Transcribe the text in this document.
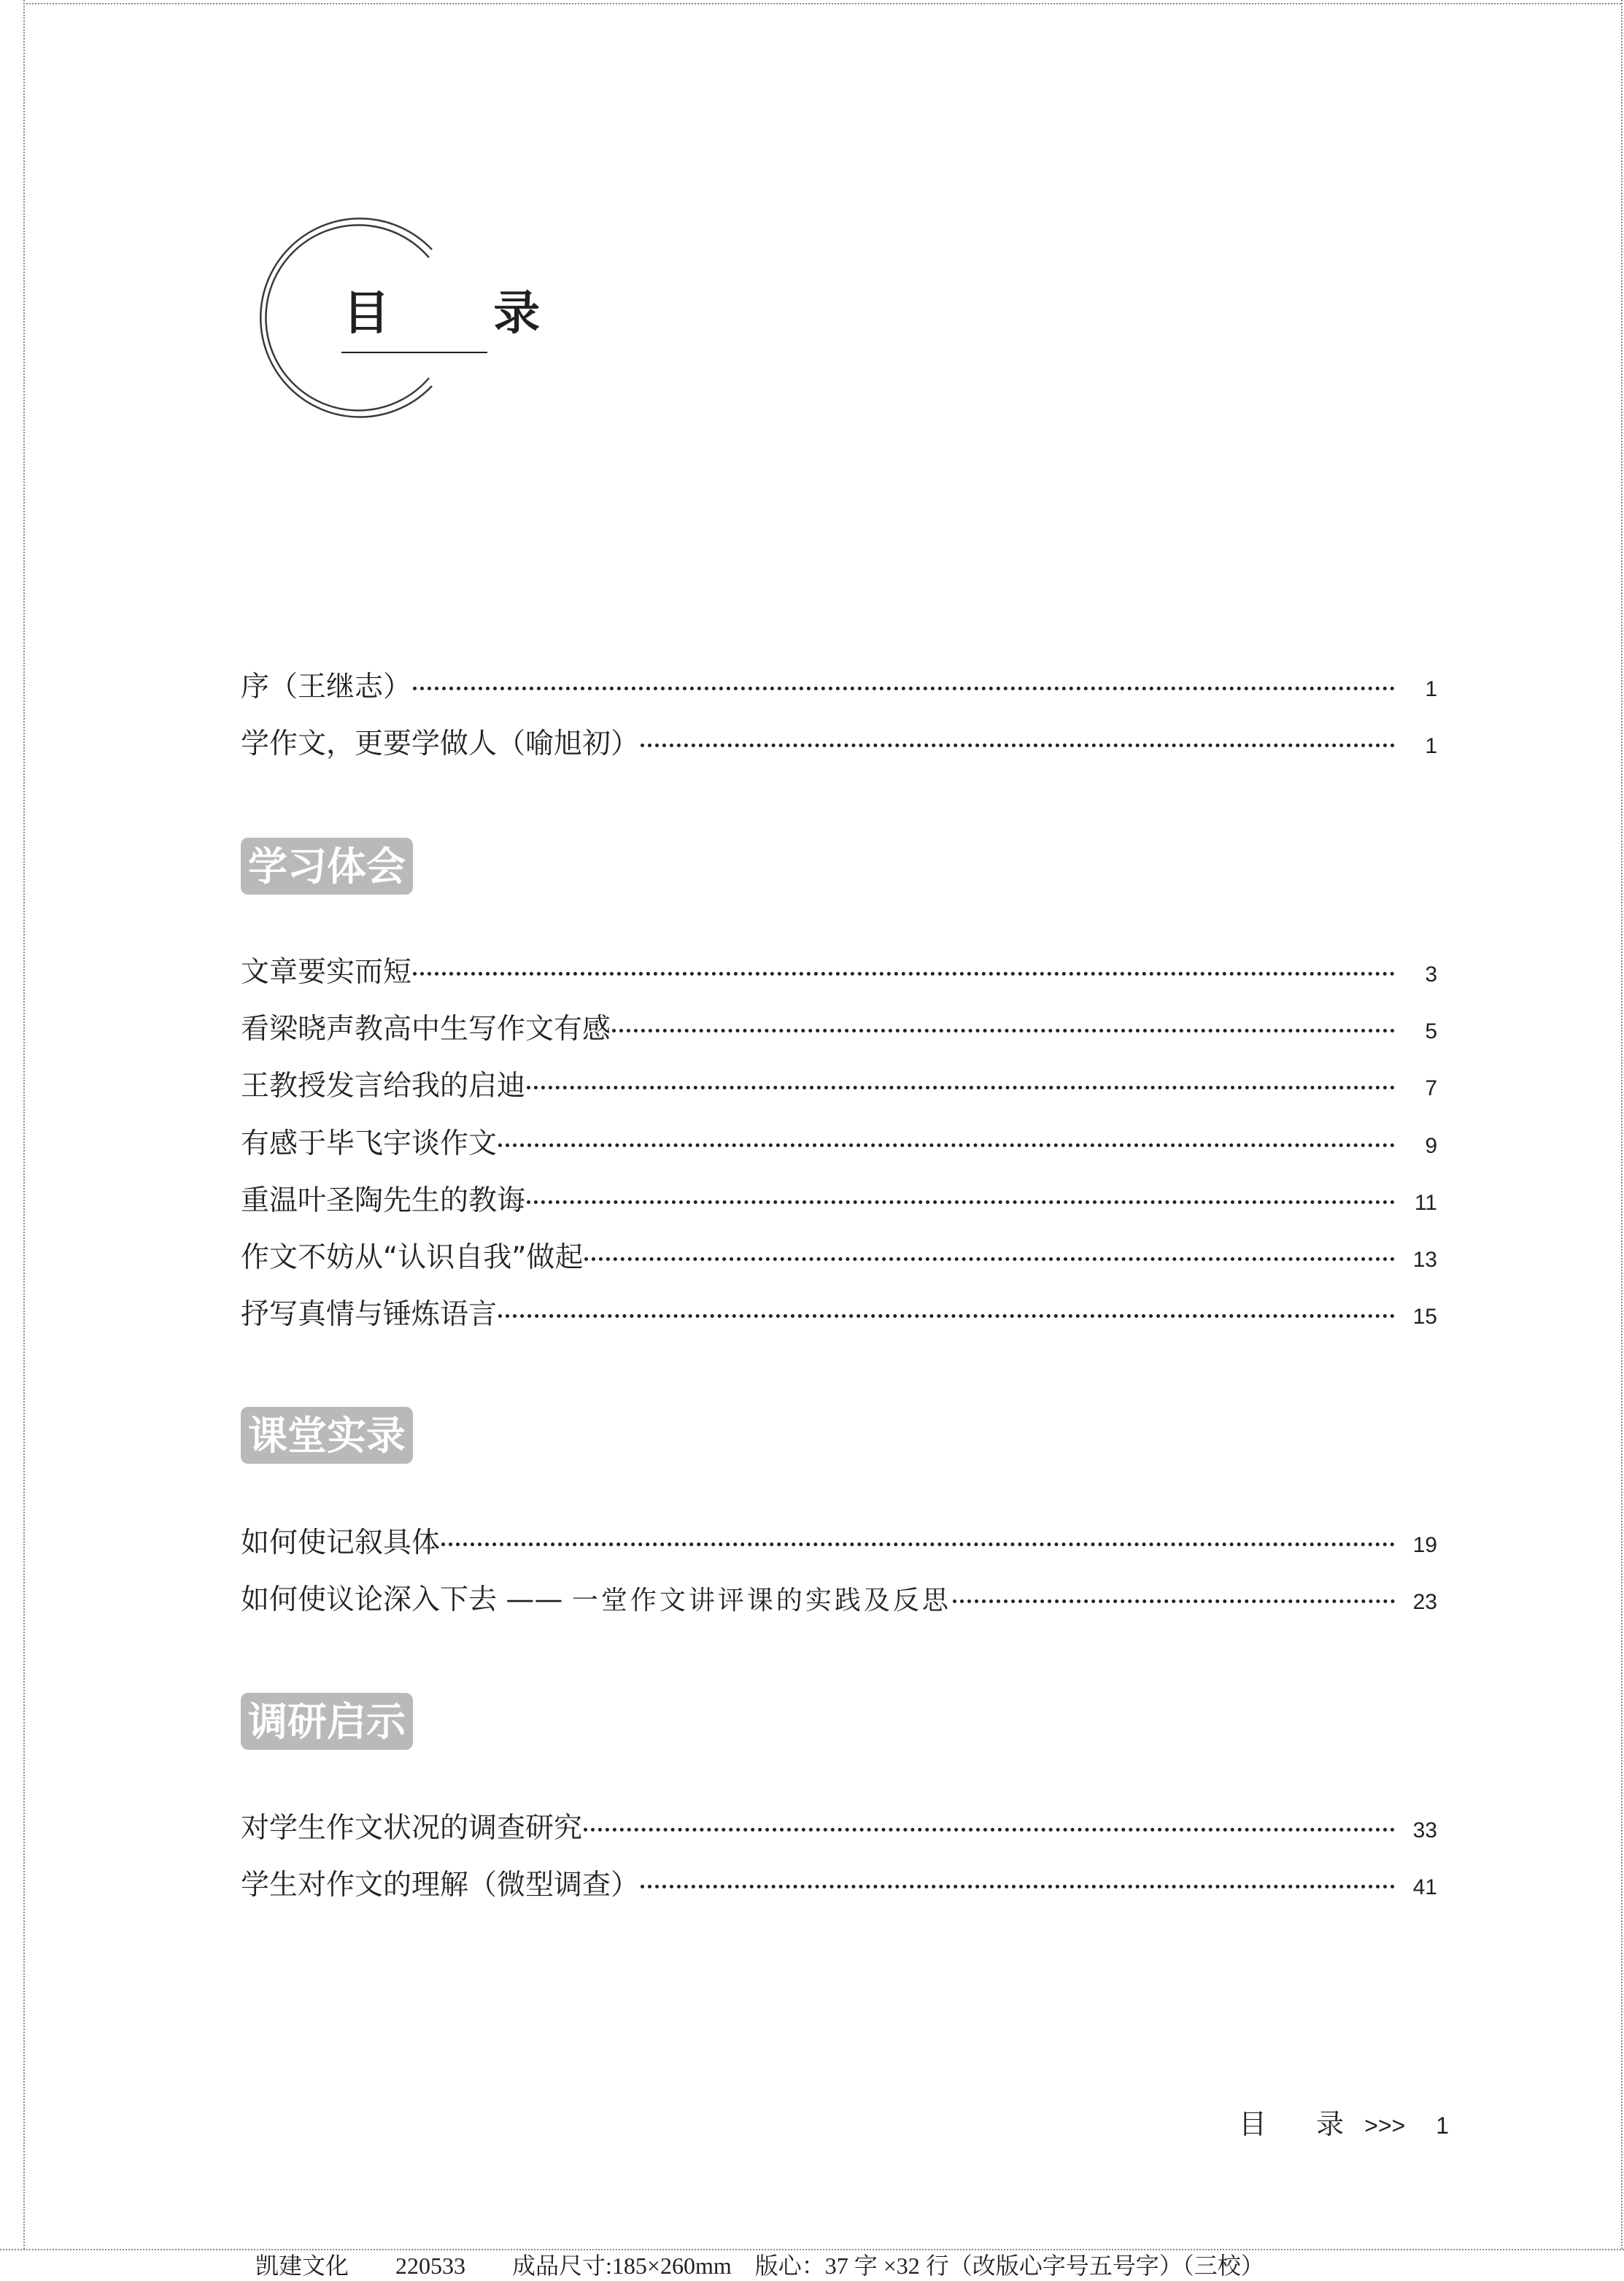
目 录
序（王继志）	1
学作文，更要学做人（喻旭初）	1
学习体会
文章要实而短	3
看梁晓声教高中生写作文有感	5
王教授发言给我的启迪	7
有感于毕飞宇谈作文	9
重温叶圣陶先生的教诲	11
作文不妨从“认识自我”做起	13
抒写真情与锤炼语言	15
课堂实录
如何使记叙具体	19
如何使议论深入下去 —— 一堂作文讲评课的实践及反思	23
调研启示
对学生作文状况的调查研究	33
学生对作文的理解（微型调查）	41
目 录>>> 1
凯建文化　　220533　　成品尺寸:185×260mm　版心：37 字 ×32 行（改版心字号五号字）（三校）
